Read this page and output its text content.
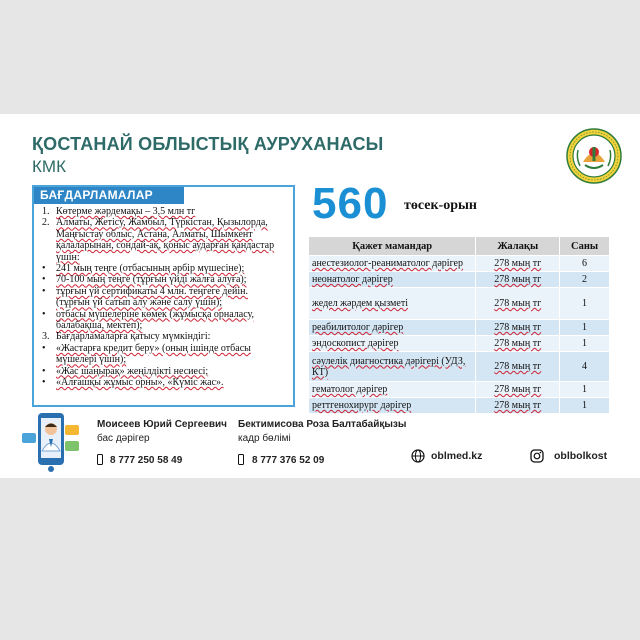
ҚОСТАНАЙ ОБЛЫСТЫҚ АУРУХАНАСЫ
КМК
БАҒДАРЛАМАЛАР
1. Көтерме жәрдемақы – 3,5 млн тг
2. Алматы, Жетісу, Жамбыл, Түркістан, Қызылорда,
Маңғыстау облыс, Астана, Алматы, Шымкент
қалаларынан, сондай-ақ, қоныс аударған қандастар
үшін:
• 241 мың теңге (отбасының әрбір мүшесіне);
• 70-100 мың теңге (тұрғын үйді жалға алуға);
• тұрғын үй сертификаты 4 млн. теңгеге дейін.
(тұрғын үй сатып алу және салу үшін);
• отбасы мүшелеріне көмек (жұмысқа орналасу,
балабақша, мектеп);
3. Бағдарламаларға қатысу мүмкіндігі:
• «Жастарға кредит беру» (оның ішінде отбасы
мүшелері үшін);
• «Жас шаңырақ» жеңілдікті несиесі;
• «Алғашқы жұмыс орны», «Күміс жас».
560 төсек-орын
Қажет мамандар	Жалақы	Саны
анестезиолог-реаниматолог дәрігер	278 мың тг	6
неонатолог дәрігер	278 мың тг	2
жедел жәрдем қызметі	278 мың тг	1
реабилитолог дәрігер	278 мың тг	1
эндоскопист дәрігер	278 мың тг	1
сәулелік диагностика дәрігері (УДЗ, КТ)	278 мың тг	4
гематолог дәрігер	278 мың тг	1
реттгенохирург дәрігер	278 мың тг	1
Моисеев Юрий Сергеевич
бас дәрігер
8 777 250 58 49
Бектимисова Роза Балтабайқызы
кадр бөлімі
8 777 376 52 09	oblmed.kz	oblbolkost
